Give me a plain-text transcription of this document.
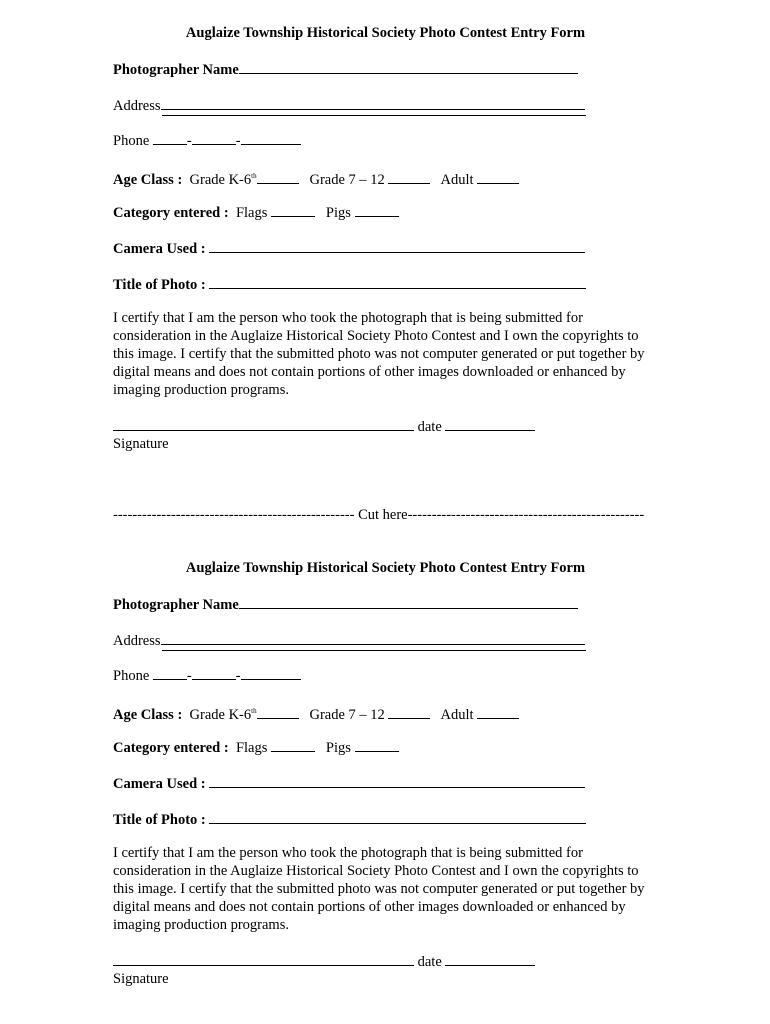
Auglaize Township Historical Society Photo Contest Entry Form
Photographer Name
Address
Phone	-	-
Age Class : Grade K-6th	Grade 7 – 12	Adult
Category entered : Flags	Pigs
Camera Used :
Title of Photo :
I certify that I am the person who took the photograph that is being submitted for consideration in the Auglaize Historical Society Photo Contest and I own the copyrights to this image. I certify that the submitted photo was not computer generated or put together by digital means and does not contain portions of other images downloaded or enhanced by imaging production programs.
date
Signature
-------------------------------------------------- Cut here-------------------------------------------------
Auglaize Township Historical Society Photo Contest Entry Form
Photographer Name
Address
Phone	-	-
Age Class : Grade K-6th	Grade 7 – 12	Adult
Category entered : Flags	Pigs
Camera Used :
Title of Photo :
I certify that I am the person who took the photograph that is being submitted for consideration in the Auglaize Historical Society Photo Contest and I own the copyrights to this image. I certify that the submitted photo was not computer generated or put together by digital means and does not contain portions of other images downloaded or enhanced by imaging production programs.
date
Signature
